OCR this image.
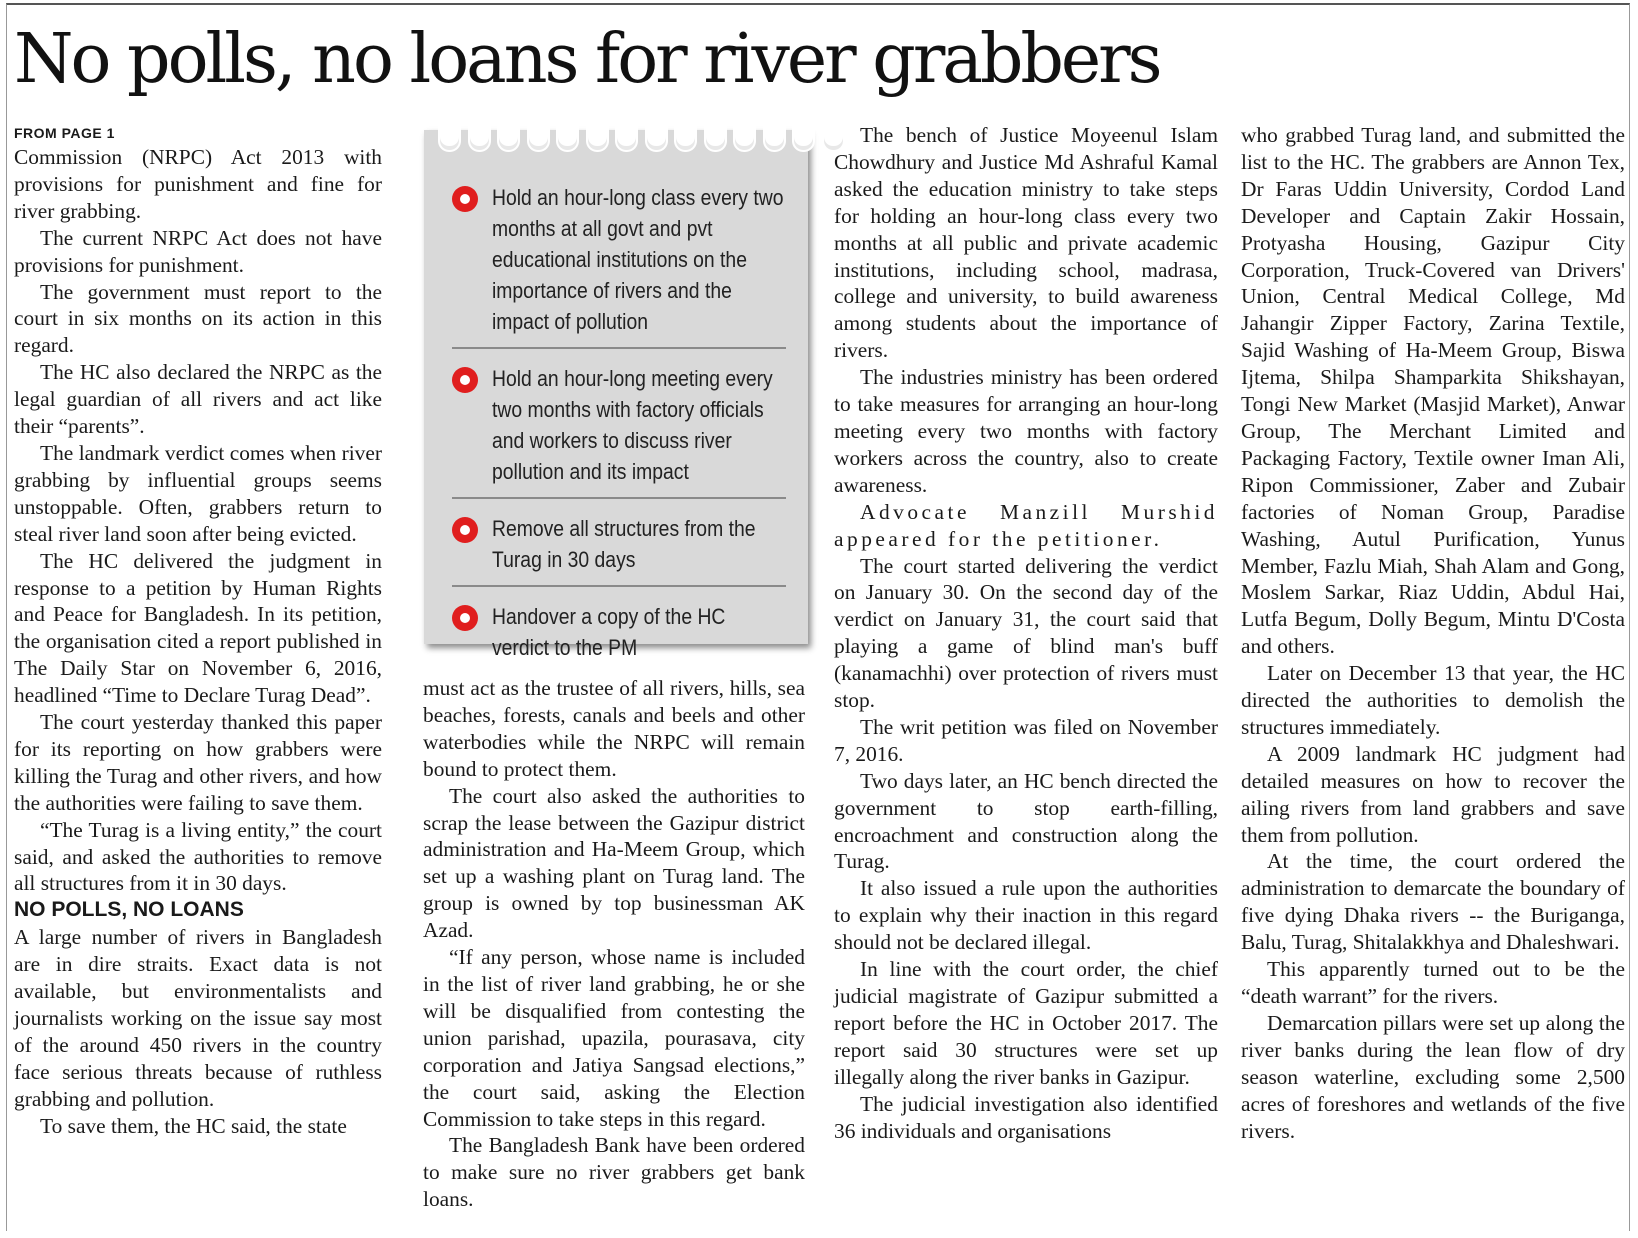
No polls, no loans for river grabbers
FROM PAGE 1

Commission (NRPC) Act 2013 with provisions for punishment and fine for river grabbing.

The current NRPC Act does not have provisions for punishment.

The government must report to the court in six months on its action in this regard.

The HC also declared the NRPC as the legal guardian of all rivers and act like their “parents”.

The landmark verdict comes when river grabbing by influential groups seems unstoppable. Often, grabbers return to steal river land soon after being evicted.

The HC delivered the judgment in response to a petition by Human Rights and Peace for Bangladesh. In its petition, the organisation cited a report published in The Daily Star on November 6, 2016, headlined “Time to Declare Turag Dead”.

The court yesterday thanked this paper for its reporting on how grabbers were killing the Turag and other rivers, and how the authorities were failing to save them.

“The Turag is a living entity,” the court said, and asked the authorities to remove all structures from it in 30 days.

NO POLLS, NO LOANS

A large number of rivers in Bangladesh are in dire straits. Exact data is not available, but environmentalists and journalists working on the issue say most of the around 450 rivers in the country face serious threats because of ruthless grabbing and pollution.

To save them, the HC said, the state

Hold an hour-long class every two months at all govt and pvt educational institutions on the importance of rivers and the impact of pollution
Hold an hour-long meeting every two months with factory officials and workers to discuss river pollution and its impact
Remove all structures from the Turag in 30 days
Handover a copy of the HC verdict to the PM

must act as the trustee of all rivers, hills, sea beaches, forests, canals and beels and other waterbodies while the NRPC will remain bound to protect them.

The court also asked the authorities to scrap the lease between the Gazipur district administration and Ha-Meem Group, which set up a washing plant on Turag land. The group is owned by top businessman AK Azad.

“If any person, whose name is included in the list of river land grabbing, he or she will be disqualified from contesting the union parishad, upazila, pourasava, city corporation and Jatiya Sangsad elections,” the court said, asking the Election Commission to take steps in this regard.

The Bangladesh Bank have been ordered to make sure no river grabbers get bank loans.

The bench of Justice Moyeenul Islam Chowdhury and Justice Md Ashraful Kamal asked the education ministry to take steps for holding an hour-long class every two months at all public and private academic institutions, including school, madrasa, college and university, to build awareness among students about the importance of rivers.

The industries ministry has been ordered to take measures for arranging an hour-long meeting every two months with factory workers across the country, also to create awareness.

Advocate Manzill Murshid appeared for the petitioner.

The court started delivering the verdict on January 30. On the second day of the verdict on January 31, the court said that playing a game of blind man's buff (kanamachhi) over protection of rivers must stop.

The writ petition was filed on November 7, 2016.

Two days later, an HC bench directed the government to stop earth-filling, encroachment and construction along the Turag.

It also issued a rule upon the authorities to explain why their inaction in this regard should not be declared illegal.

In line with the court order, the chief judicial magistrate of Gazipur submitted a report before the HC in October 2017. The report said 30 structures were set up illegally along the river banks in Gazipur.

The judicial investigation also identified 36 individuals and organisations

who grabbed Turag land, and submitted the list to the HC. The grabbers are Annon Tex, Dr Faras Uddin University, Cordod Land Developer and Captain Zakir Hossain, Protyasha Housing, Gazipur City Corporation, Truck-Covered van Drivers' Union, Central Medical College, Md Jahangir Zipper Factory, Zarina Textile, Sajid Washing of Ha-Meem Group, Biswa Ijtema, Shilpa Shamparkita Shikshayan, Tongi New Market (Masjid Market), Anwar Group, The Merchant Limited and Packaging Factory, Textile owner Iman Ali, Ripon Commissioner, Zaber and Zubair factories of Noman Group, Paradise Washing, Autul Purification, Yunus Member, Fazlu Miah, Shah Alam and Gong, Moslem Sarkar, Riaz Uddin, Abdul Hai, Lutfa Begum, Dolly Begum, Mintu D'Costa and others.

Later on December 13 that year, the HC directed the authorities to demolish the structures immediately.

A 2009 landmark HC judgment had detailed measures on how to recover the ailing rivers from land grabbers and save them from pollution.

At the time, the court ordered the administration to demarcate the boundary of five dying Dhaka rivers -- the Buriganga, Balu, Turag, Shitalakkhya and Dhaleshwari.

This apparently turned out to be the “death warrant” for the rivers.

Demarcation pillars were set up along the river banks during the lean flow of dry season waterline, excluding some 2,500 acres of foreshores and wetlands of the five rivers.
